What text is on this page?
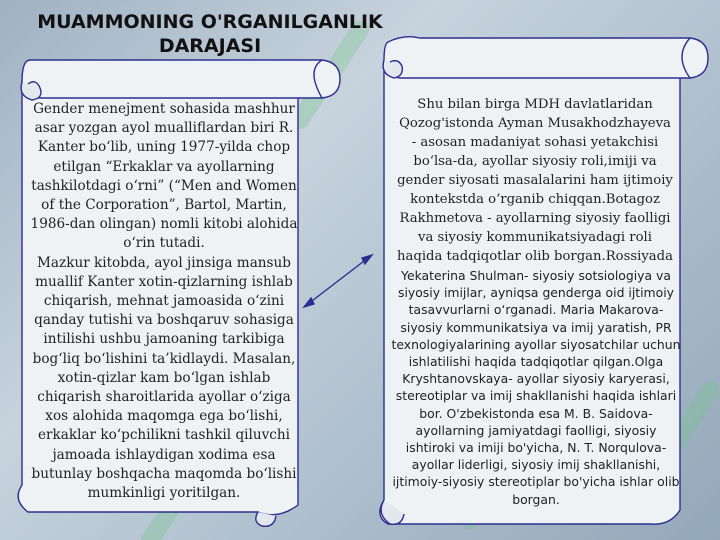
MUAMMONING O'RGANILGANLIK DARAJASI
Gender menejment sohasida mashhur asar yozgan ayol mualliflardan biri R. Kanter bo‘lib, uning 1977-yilda chop etilgan “Erkaklar va ayollarning tashkilotdagi o‘rni” (“Men and Women of the Corporation”, Bartol, Martin, 1986-dan olingan) nomli kitobi alohida o‘rin tutadi.
Mazkur kitobda, ayol jinsiga mansub muallif Kanter xotin-qizlarning ishlab chiqarish, mehnat jamoasida o‘zini qanday tutishi va boshqaruv sohasiga intilishi ushbu jamoaning tarkibiga bog‘liq bo‘lishini ta’kidlaydi. Masalan, xotin-qizlar kam bo‘lgan ishlab chiqarish sharoitlarida ayollar o‘ziga xos alohida maqomga ega bo‘lishi, erkaklar ko‘pchilikni tashkil qiluvchi jamoada ishlaydigan xodima esa butunlay boshqacha maqomda bo‘lishi mumkinligi yoritilgan.
Shu bilan birga MDH davlatlaridan Qozog'istonda Ayman Musakhodzhayeva - asosan madaniyat sohasi yetakchisi bo‘lsa-da, ayollar siyosiy roli,imiji va gender siyosati masalalarini ham ijtimoiy kontekstda o‘rganib chiqqan.Botagoz Rakhmetova - ayollarning siyosiy faolligi va siyosiy kommunikatsiyadagi roli haqida tadqiqotlar olib borgan.Rossiyada
Yekaterina Shulman- siyosiy sotsiologiya va siyosiy imijlar, ayniqsa genderga oid ijtimoiy tasavvurlarni o‘rganadi. Maria Makarova- siyosiy kommunikatsiya va imij yaratish, PR texnologiyalarining ayollar siyosatchilar uchun ishlatilishi haqida tadqiqotlar qilgan.Olga Kryshtanovskaya- ayollar siyosiy karyerasi, stereotiplar va imij shakllanishi haqida ishlari bor. O'zbekistonda esa M. B. Saidova- ayollarning jamiyatdagi faolligi, siyosiy ishtiroki va imiji bo'yicha, N. T. Norqulova- ayollar liderligi, siyosiy imij shakllanishi, ijtimoiy-siyosiy stereotiplar bo'yicha ishlar olib borgan.
